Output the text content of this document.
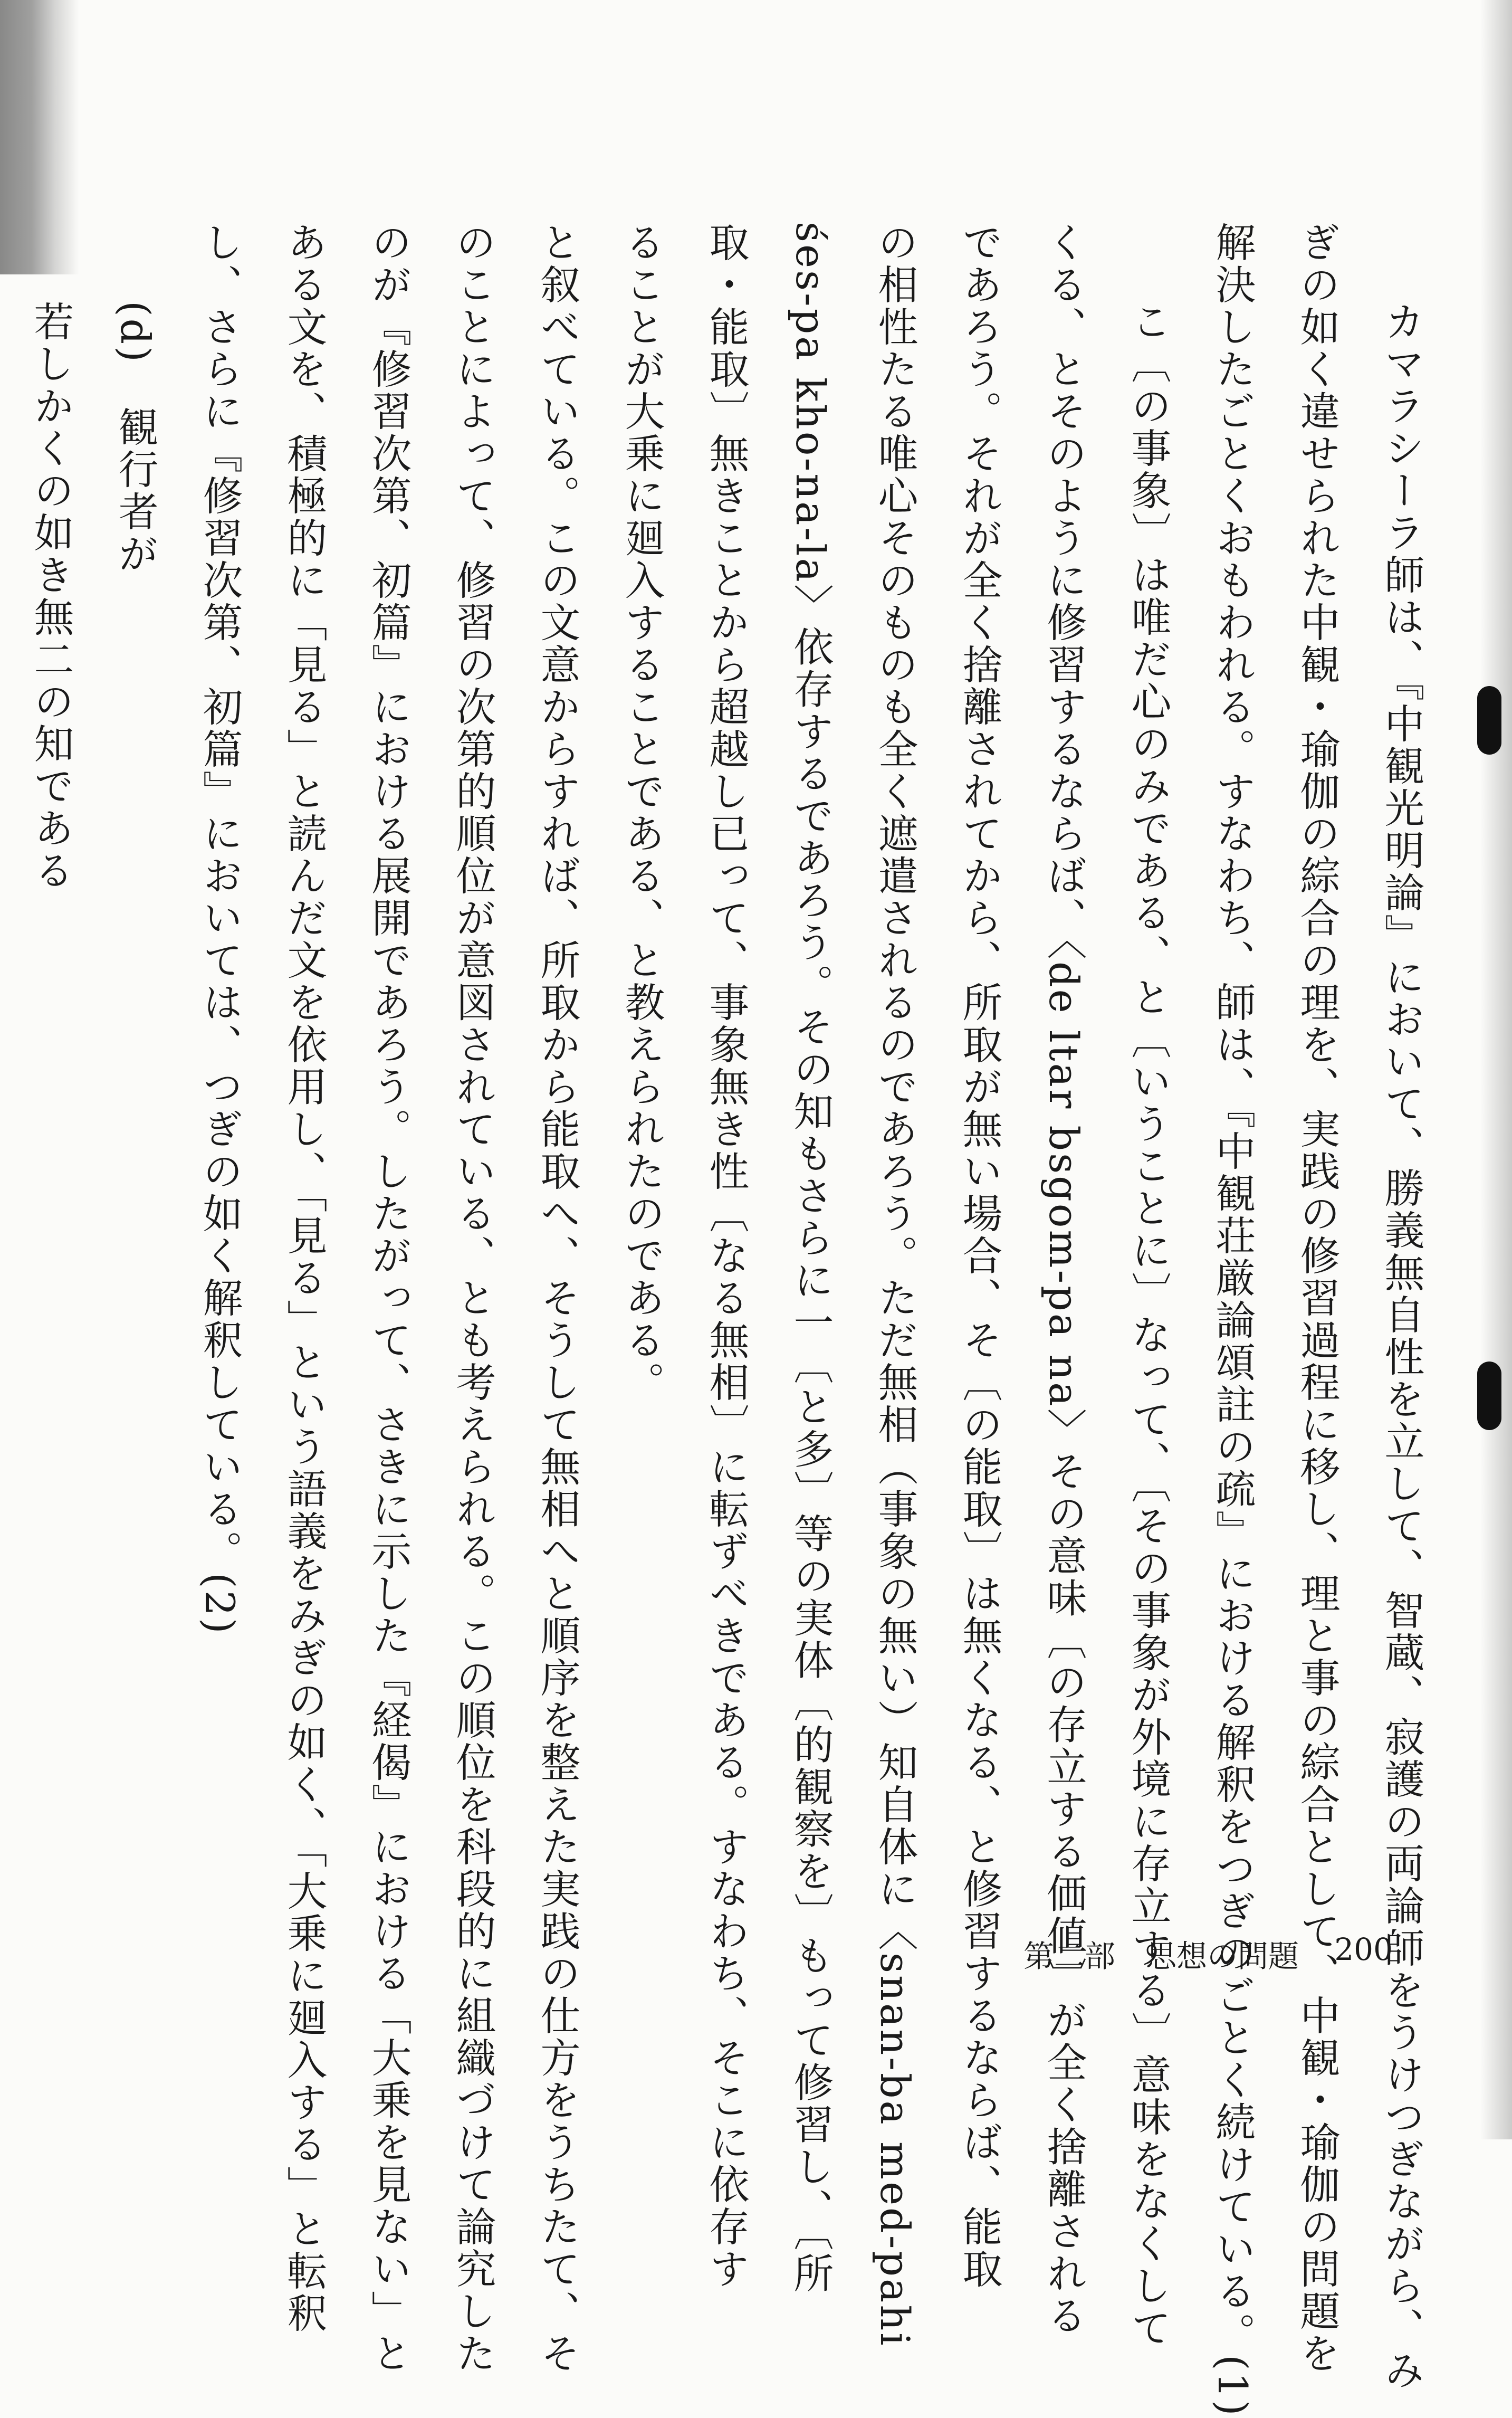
カマラシーラ師は、『中観光明論』において、勝義無自性を立して、智蔵、寂護の両論師をうけつぎながら、み

ぎの如く違せられた中観・瑜伽の綜合の理を、実践の修習過程に移し、理と事の綜合として、中観・瑜伽の問題を

解決したごとくおもわれる。すなわち、師は、『中観荘厳論頌註の疏』における解釈をつぎのごとく続けている。(1)

こ〔の事象〕は唯だ心のみである、と〔いうことに〕なって、〔その事象が外境に存立する〕意味をなくして

くる、とそのように修習するならば、〈de ltar bsgom-pa na〉その意味〔の存立する価値〕が全く捨離される

であろう。それが全く捨離されてから、所取が無い場合、そ〔の能取〕は無くなる、と修習するならば、能取

の相性たる唯心そのものも全く遮遣されるのであろう。ただ無相（事象の無い）知自体に〈snan-ba med-pahi

śes-pa kho-na-la〉依存するであろう。その知もさらに一〔と多〕等の実体〔的観察を〕もって修習し、〔所

取・能取〕無きことから超越し已って、事象無き性〔なる無相〕に転ずべきである。すなわち、そこに依存す

ることが大乗に廻入することである、と教えられたのである。

と叙べている。この文意からすれば、所取から能取へ、そうして無相へと順序を整えた実践の仕方をうちたて、そ

のことによって、修習の次第的順位が意図されている、とも考えられる。この順位を科段的に組織づけて論究した

のが『修習次第、初篇』における展開であろう。したがって、さきに示した『経偈』における「大乗を見ない」と

ある文を、積極的に「見る」と読んだ文を依用し、「見る」という語義をみぎの如く、「大乗に廻入する」と転釈

し、さらに『修習次第、初篇』においては、つぎの如く解釈している。(2)

(d)　観行者が

若しかくの如き無二の知である

第二部　思想の問題 200
